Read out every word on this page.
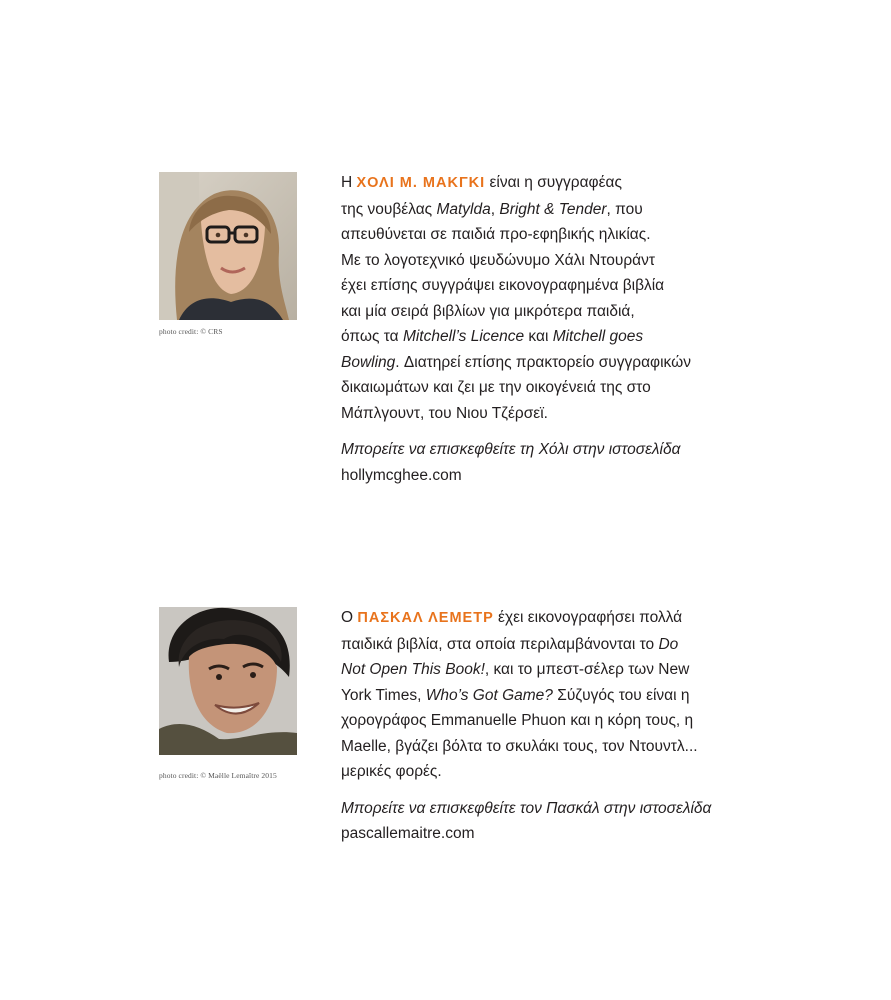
photo credit: © CRS
Η ΧΟΛΙ Μ. ΜΑΚΓΚΙ είναι η συγγραφέας
της νουβέλας Matylda, Bright & Tender, που
απευθύνεται σε παιδιά προ-εφηβικής ηλικίας.
Με το λογοτεχνικό ψευδώνυμο Χάλι Ντουράντ
έχει επίσης συγγράψει εικονογραφημένα βιβλία
και μία σειρά βιβλίων για μικρότερα παιδιά,
όπως τα Mitchell’s Licence και Mitchell goes
Bowling. Διατηρεί επίσης πρακτορείο συγγραφικών
δικαιωμάτων και ζει με την οικογένειά της στο
Μάπλγουντ, του Νιου Τζέρσεϊ.
Μπορείτε να επισκεφθείτε τη Χόλι στην ιστοσελίδα
hollymcghee.com
photo credit: © Maëlle Lemaître 2015
Ο ΠΑΣΚΑΛ ΛΕΜΕΤΡ έχει εικονογραφήσει πολλά
παιδικά βιβλία, στα οποία περιλαμβάνονται το Do
Not Open This Book!, και το μπεστ-σέλερ των New
York Times, Who’s Got Game? Σύζυγός του είναι η
χορογράφος Emmanuelle Phuon και η κόρη τους, η
Maelle, βγάζει βόλτα το σκυλάκι τους, τον Ντουντλ...
μερικές φορές.
Μπορείτε να επισκεφθείτε τον Πασκάλ στην ιστοσελίδα
pascallemaitre.com
